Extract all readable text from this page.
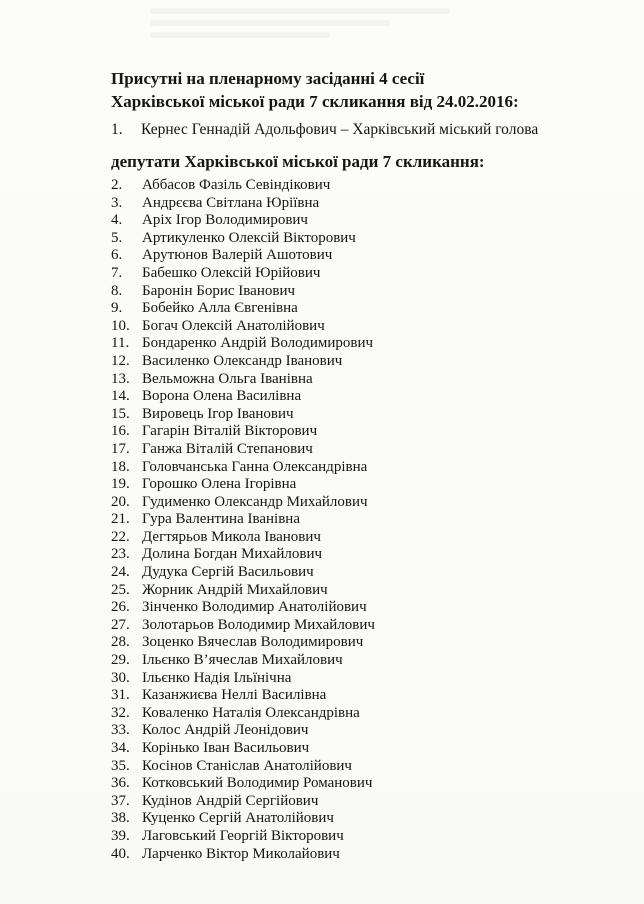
Присутні на пленарному засіданні 4 сесії
Харківської міської ради 7 скликання від 24.02.2016:
1. Кернес Геннадій Адольфович – Харківський міський голова
депутати Харківської міської ради 7 скликання:
2. Аббасов Фазіль Севіндікович
3. Андрєєва Світлана Юріївна
4. Аріх Ігор Володимирович
5. Артикуленко Олексій Вікторович
6. Арутюнов Валерій Ашотович
7. Бабешко Олексій Юрійович
8. Баронін Борис Іванович
9. Бобейко Алла Євгенівна
10. Богач Олексій Анатолійович
11. Бондаренко Андрій Володимирович
12. Василенко Олександр Іванович
13. Вельможна Ольга Іванівна
14. Ворона Олена Василівна
15. Вировець Ігор Іванович
16. Гагарін Віталій Вікторович
17. Ганжа Віталій Степанович
18. Головчанська Ганна Олександрівна
19. Горошко Олена Ігорівна
20. Гудименко Олександр Михайлович
21. Гура Валентина Іванівна
22. Дегтярьов Микола Іванович
23. Долина Богдан Михайлович
24. Дудука Сергій Васильович
25. Жорник Андрій Михайлович
26. Зінченко Володимир Анатолійович
27. Золотарьов Володимир Михайлович
28. Зоценко Вячеслав Володимирович
29. Ільєнко В’ячеслав Михайлович
30. Ільєнко Надія Ільїнічна
31. Казанжиєва Неллі Василівна
32. Коваленко Наталія Олександрівна
33. Колос Андрій Леонідович
34. Корінько Іван Васильович
35. Косінов Станіслав Анатолійович
36. Котковський Володимир Романович
37. Кудінов Андрій Сергійович
38. Куценко Сергій Анатолійович
39. Лаговський Георгій Вікторович
40. Ларченко Віктор Миколайович
